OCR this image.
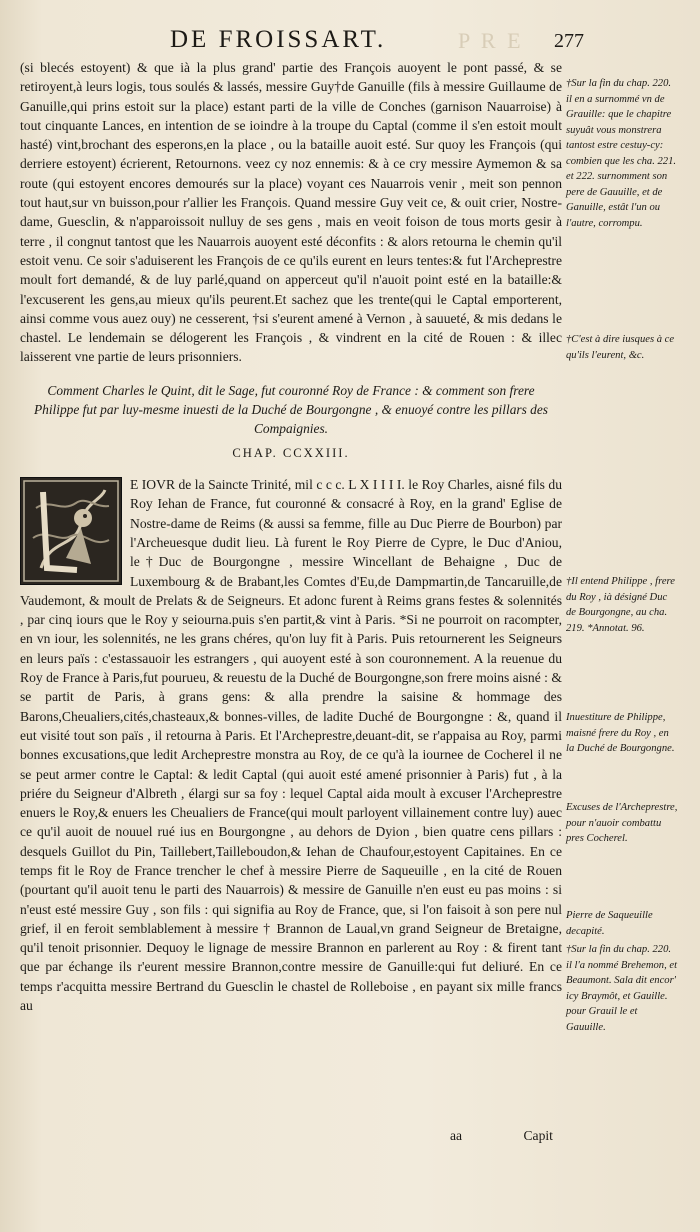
P R E
DE FROISSART.	277

(si blecés estoyent) & que ià la plus grand' partie des François auoyent le pont passé, & se retiroyent,à leurs logis, tous soulés & lassés, messire Guy†de Ganuille (fils à messire Guillaume de Ganuille,qui prins estoit sur la place) estant parti de la ville de Conches (garnison Nauarroise) à tout cinquante Lances, en intention de se ioindre à la troupe du Captal (comme il s'en estoit moult hasté) vint,brochant des esperons,en la place , ou la bataille auoit esté. Sur quoy les François (qui derriere estoyent) écrierent, Retournons. veez cy noz ennemis: & à ce cry messire Aymemon & sa route (qui estoyent encores demourés sur la place) voyant ces Nauarrois venir , meit son pennon tout haut,sur vn buisson,pour r'allier les François. Quand messire Guy veit ce, & ouit crier, Nostre-dame, Guesclin, & n'apparoissoit nulluy de ses gens , mais en veoit foison de tous morts gesir à terre , il congnut tantost que les Nauarrois auoyent esté déconfits : & alors retourna le chemin qu'il estoit venu. Ce soir s'aduiserent les François de ce qu'ils eurent en leurs tentes:& fut l'Archeprestre moult fort demandé, & de luy parlé,quand on apperceut qu'il n'auoit point esté en la bataille:& l'excuserent les gens,au mieux qu'ils peurent.Et sachez que les trente(qui le Captal emporterent, ainsi comme vous auez ouy) ne cesserent, †si s'eurent amené à Vernon , à sauueté, & mis dedans le chastel. Le lendemain se délogerent les François , & vindrent en la cité de Rouen : & illec laisserent vne partie de leurs prisonniers.

Comment Charles le Quint, dit le Sage, fut couronné Roy de France : & comment son frere Philippe fut par luy-mesme inuesti de la Duché de Bourgongne , & enuoyé contre les pillars des Compaignies.
CHAP. CCXXIII.

E IOVR de la Saincte Trinité, mil c c c. L X I I I I. le Roy Charles, aisné fils du Roy Iehan de France, fut couronné & consacré à Roy, en la grand' Eglise de Nostre-dame de Reims (& aussi sa femme, fille au Duc Pierre de Bourbon) par l'Archeuesque dudit lieu. Là furent le Roy Pierre de Cypre, le Duc d'Aniou, le†Duc de Bourgongne , messire Wincellant de Behaigne , Duc de Luxembourg & de Brabant,les Comtes d'Eu,de Dampmartin,de Tancaruille,de Vaudemont, & moult de Prelats & de Seigneurs. Et adonc furent à Reims grans festes & solennités , par cinq iours que le Roy y seiourna.puis s'en partit,& vint à Paris. *Si ne pourroit on racompter, en vn iour, les solennités, ne les grans chéres, qu'on luy fit à Paris. Puis retournerent les Seigneurs en leurs païs : c'estassauoir les estrangers , qui auoyent esté à son couronnement. A la reuenue du Roy de France à Paris,fut pourueu, & reuestu de la Duché de Bourgongne,son frere moins aisné : & se partit de Paris, à grans gens: & alla prendre la saisine & hommage des Barons,Cheualiers,cités,chasteaux,& bonnes-villes, de ladite Duché de Bourgongne : &, quand il eut visité tout son païs , il retourna à Paris. Et l'Archeprestre,deuant-dit, se r'appaisa au Roy, parmi bonnes excusations,que ledit Archeprestre monstra au Roy, de ce qu'à la iournee de Cocherel il ne se peut armer contre le Captal: & ledit Captal (qui auoit esté amené prisonnier à Paris) fut , à la priére du Seigneur d'Albreth , élargi sur sa foy : lequel Captal aida moult à excuser l'Archeprestre enuers le Roy,& enuers les Cheualiers de France(qui moult parloyent villainement contre luy) auec ce qu'il auoit de nouuel rué ius en Bourgongne , au dehors de Dyion , bien quatre cens pillars : desquels Guillot du Pin, Taillebert,Tailleboudon,& Iehan de Chaufour,estoyent Capitaines. En ce temps fit le Roy de France trencher le chef à messire Pierre de Saqueuille , en la cité de Rouen (pourtant qu'il auoit tenu le parti des Nauarrois) & messire de Ganuille n'en eust eu pas moins : si n'eust esté messire Guy , son fils : qui signifia au Roy de France, que, si l'on faisoit à son pere nul grief, il en feroit semblablement à messire † Brannon de Laual,vn grand Seigneur de Bretaigne, qu'il tenoit prisonnier. Dequoy le lignage de messire Brannon en parlerent au Roy : & firent tant que par échange ils r'eurent messire Brannon,contre messire de Ganuille:qui fut deliuré. En ce temps r'acquitta messire Bertrand du Guesclin le chastel de Rolleboise , en payant six mille francs au

aa	Capit
†Sur la fin du chap. 220. il en a surnommé vn de Grauille: que le chapitre suyuât vous monstrera tantost estre cestuy-cy: combien que les cha. 221. et 222. surnomment son pere de Gauuille, et de Ganuille, estât l'un ou l'autre, corrompu.
†C'est à dire iusques à ce qu'ils l'eurent, &c.
†Il entend Philippe , frere du Roy , ià désigné Duc de Bourgongne, au cha. 219. *Annotat. 96.
Inuestiture de Philippe, maisné frere du Roy , en la Duché de Bourgongne.
Excuses de l'Archeprestre, pour n'auoir combattu pres Cocherel.
Pierre de Saqueuille decapité.
†Sur la fin du chap. 220. il l'a nommé Brehemon, et Beaumont. Sala dit encor' icy Braymôt, et Gauille. pour Grauil le et Gauuille.
